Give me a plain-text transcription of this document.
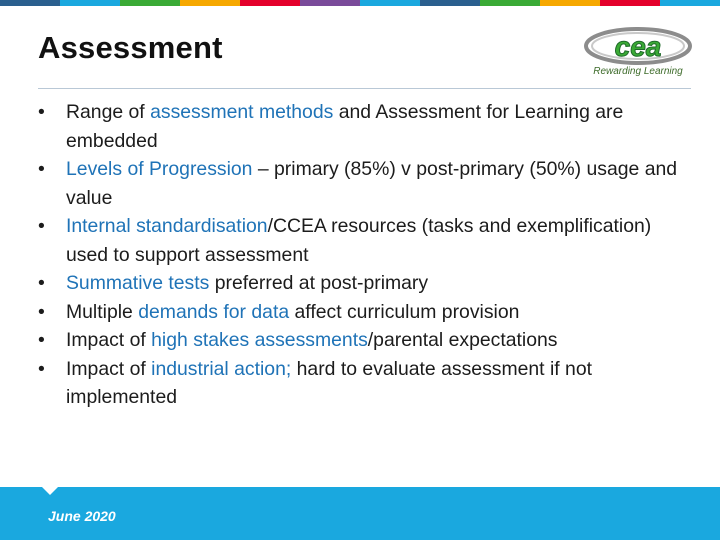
Assessment	cea
Rewarding Learning
•	Range of assessment methods and Assessment for Learning are embedded
•	Levels of Progression – primary (85%) v post-primary (50%) usage and value
•	Internal standardisation/CCEA resources (tasks and exemplification) used to support assessment
•	Summative tests preferred at post-primary
•	Multiple demands for data affect curriculum provision
•	Impact of high stakes assessments/parental expectations
•	Impact of industrial action; hard to evaluate assessment if not implemented
June 2020
